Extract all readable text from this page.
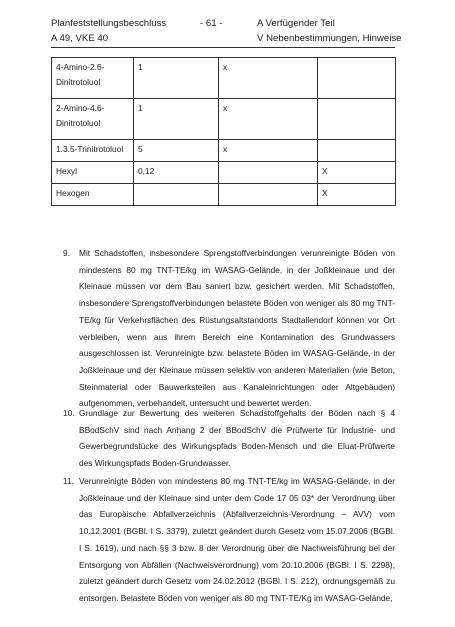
Planfeststellungsbeschluss	- 61 -	A Verfügender Teil
A 49, VKE 40	V Nebenbestimmungen, Hinweise
4-Amino-2.6-Dinitrotoluol	1	x	
2-Amino-4.6-Dinitrotoluol	1	x	
1.3.5-Trinitrotoluol	5	x	
Hexyl	0,12		X
Hexogen			X
9. Mit Schadstoffen, insbesondere Sprengstoffverbindungen verunreinigte Böden von mindestens 80 mg TNT-TE/kg im WASAG-Gelände, in der Joßkleinaue und der Kleinaue müssen vor dem Bau saniert bzw. gesichert werden. Mit Schadstoffen, insbesondere Sprengstoffverbindungen belastete Böden von weniger als 80 mg TNT-TE/kg für Verkehrsflächen des Rüstungsaltstandorts Stadtallendorf können vor Ort verbleiben, wenn aus ihrem Bereich eine Kontamination des Grundwassers ausgeschlossen ist. Verunreinigte bzw. belastete Böden im WASAG-Gelände, in der Joßkleinaue und der Kleinaue müssen selektiv von anderen Materialien (wie Beton, Steinmaterial oder Bauwerksteilen aus Kanaleinrichtungen oder Altgebäuden) aufgenommen, verbehandelt, untersucht und bewertet werden.
10. Grundlage zur Bewertung des weiteren Schadstoffgehalts der Böden nach § 4 BBodSchV sind nach Anhang 2 der BBodSchV die Prüfwerte für Industrie- und Gewerbegrundstücke des Wirkungspfads Boden-Mensch und die Eluat-Prüfwerte des Wirkungspfads Boden-Grundwasser.
11. Verunreinigte Böden von mindestens 80 mg TNT-TE/kg im WASAG-Gelände, in der Joßkleinaue und der Kleinaue sind unter dem Code 17 05 03* der Verordnung über das Europäische Abfallverzeichnis (Abfallverzeichnis-Verordnung – AVV) vom 10.12.2001 (BGBl. I S. 3379), zuletzt geändert durch Gesetz vom 15.07.2006 (BGBl. I S. 1619), und nach §§ 3 bzw. 8 der Verordnung über die Nachweisführung bei der Entsorgung von Abfällen (Nachweisverordnung) vom 20.10.2006 (BGBl. I S. 2298), zuletzt geändert durch Gesetz vom 24.02.2012 (BGBl. I S. 212), ordnungsgemäß zu entsorgen. Belastete Böden von weniger als 80 mg TNT-TE/Kg im WASAG-Gelände,
